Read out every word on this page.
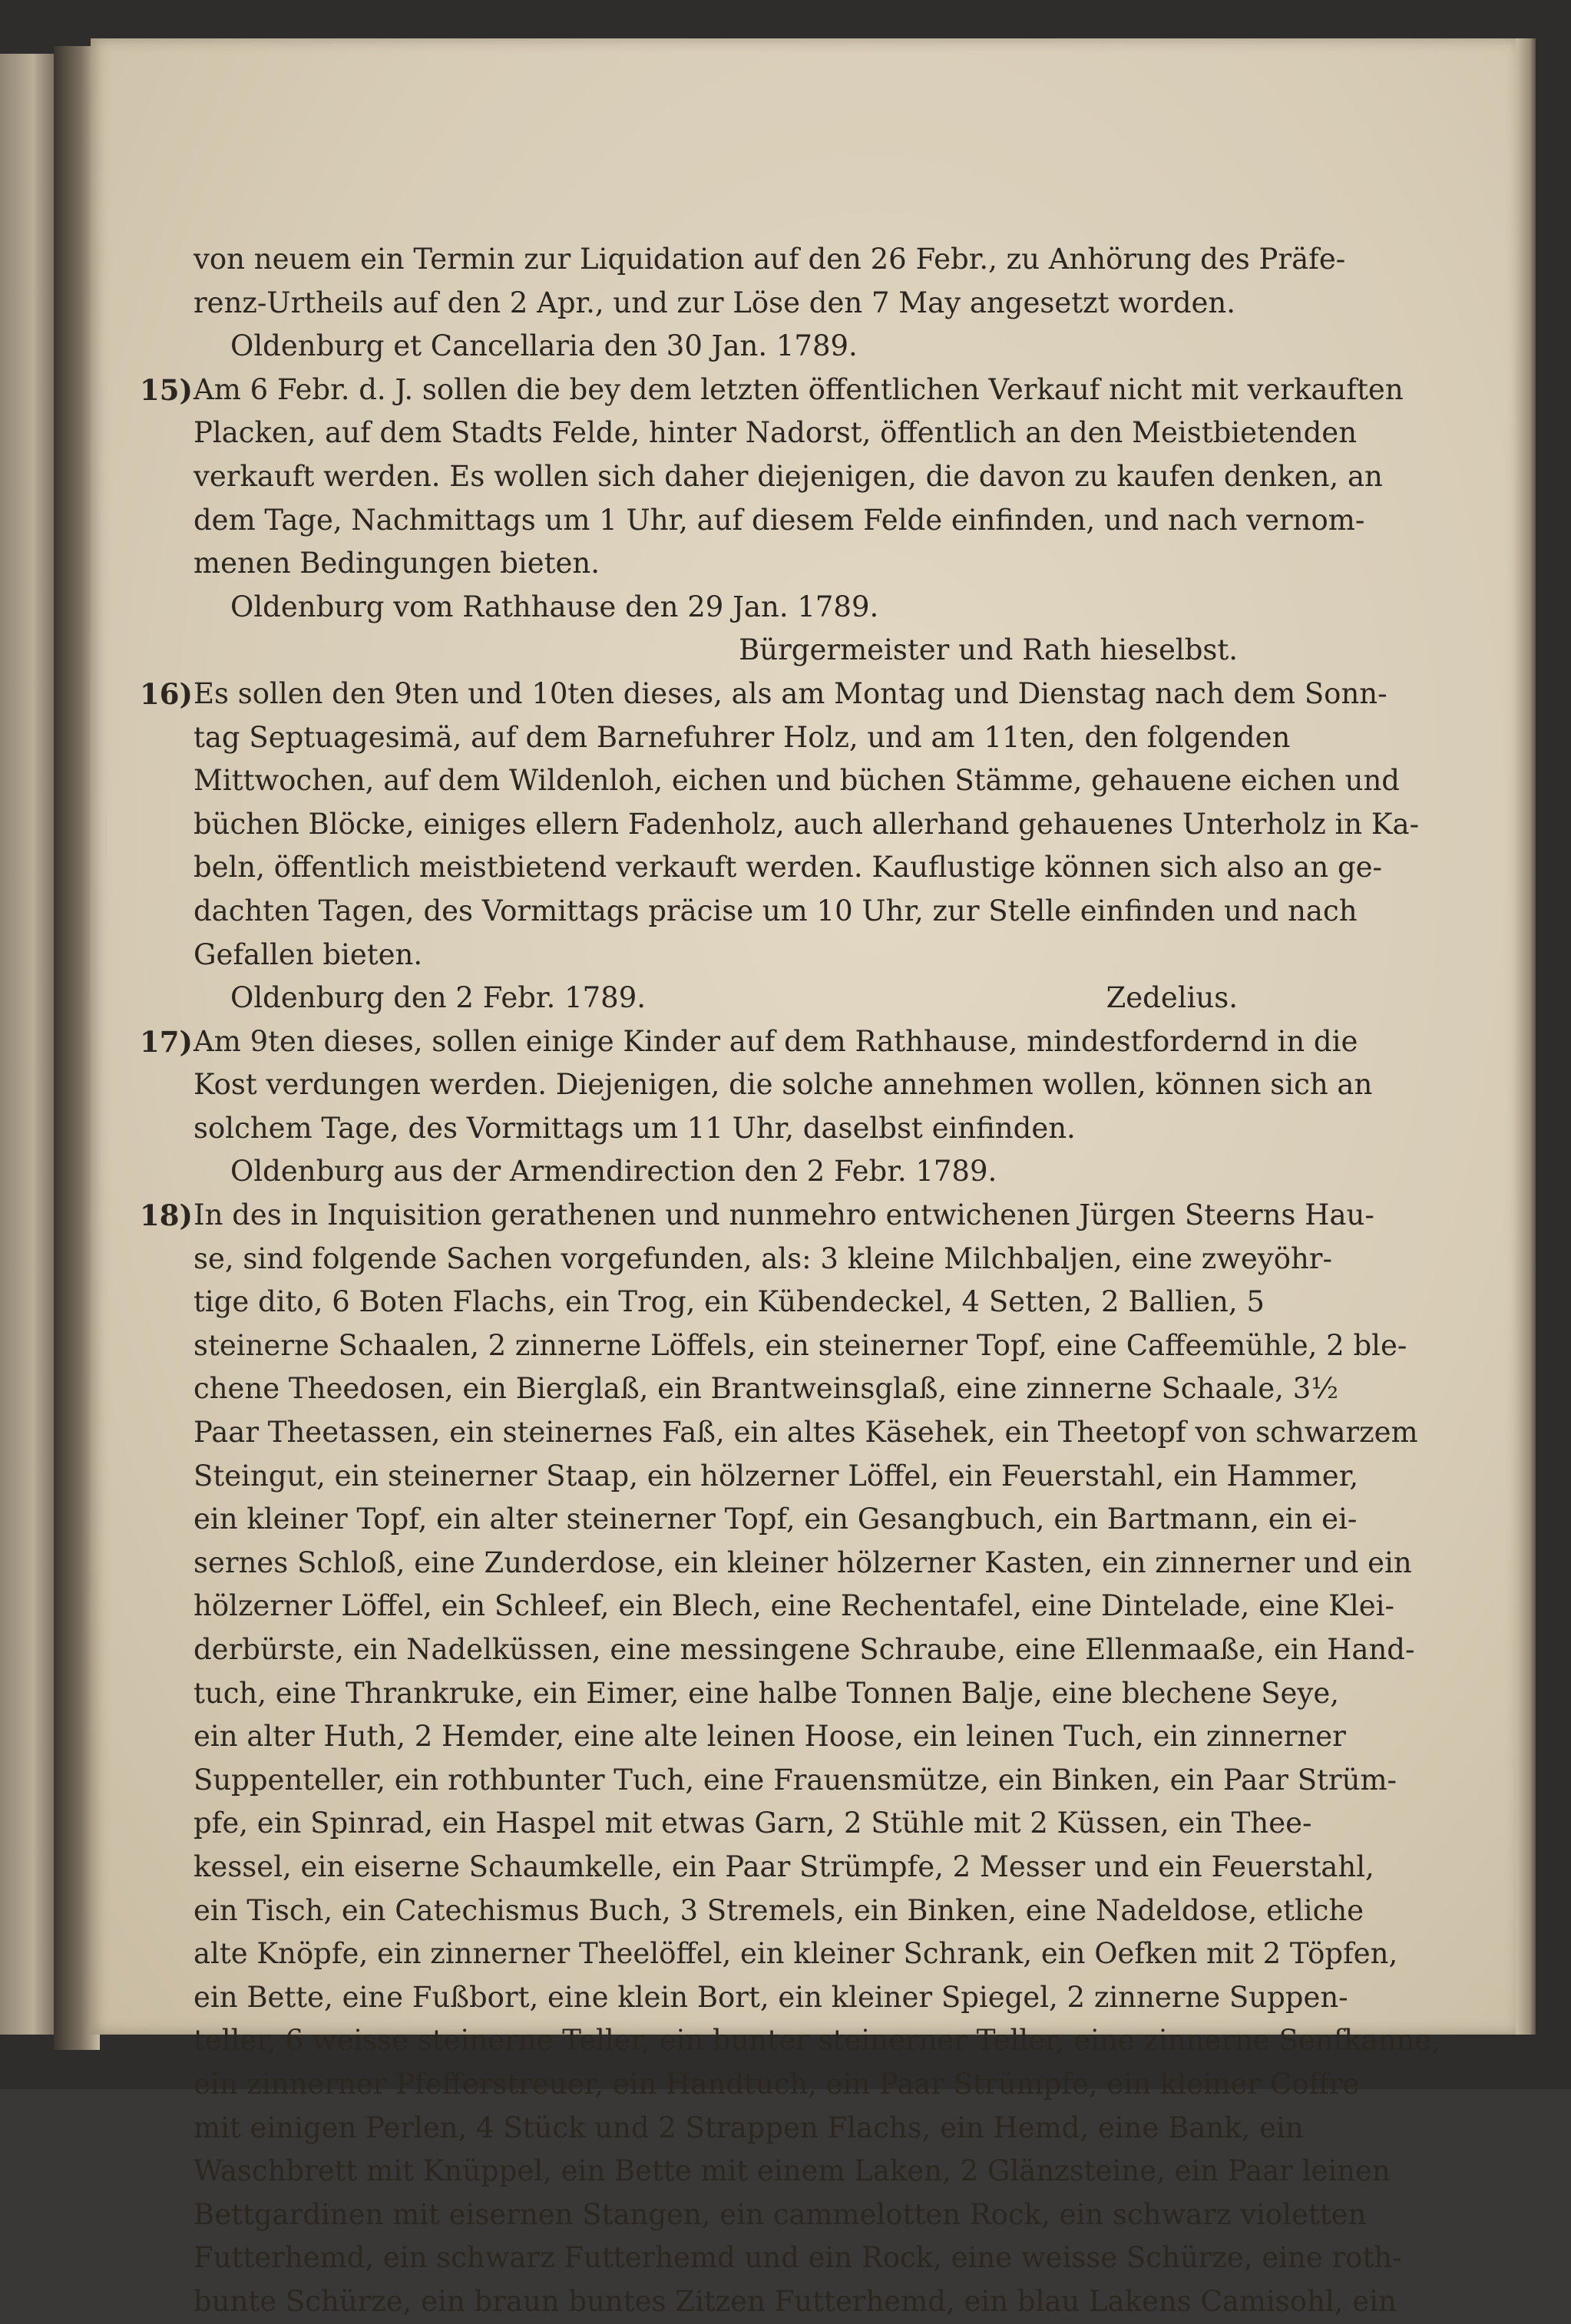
von neuem ein Termin zur Liquidation auf den 26 Febr., zu Anhörung des Präfe-
renz-Urtheils auf den 2 Apr., und zur Löse den 7 May angesetzt worden.
Oldenburg et Cancellaria den 30 Jan. 1789.
15) Am 6 Febr. d. J. sollen die bey dem letzten öffentlichen Verkauf nicht mit verkauften
Placken, auf dem Stadts Felde, hinter Nadorst, öffentlich an den Meistbietenden
verkauft werden. Es wollen sich daher diejenigen, die davon zu kaufen denken, an
dem Tage, Nachmittags um 1 Uhr, auf diesem Felde einfinden, und nach vernom-
menen Bedingungen bieten.
Oldenburg vom Rathhause den 29 Jan. 1789.
Bürgermeister und Rath hieselbst.
16) Es sollen den 9ten und 10ten dieses, als am Montag und Dienstag nach dem Sonn-
tag Septuagesimä, auf dem Barnefuhrer Holz, und am 11ten, den folgenden
Mittwochen, auf dem Wildenloh, eichen und büchen Stämme, gehauene eichen und
büchen Blöcke, einiges ellern Fadenholz, auch allerhand gehauenes Unterholz in Ka-
beln, öffentlich meistbietend verkauft werden. Kauflustige können sich also an ge-
dachten Tagen, des Vormittags präcise um 10 Uhr, zur Stelle einfinden und nach
Gefallen bieten.
Oldenburg den 2 Febr. 1789.	Zedelius.
17) Am 9ten dieses, sollen einige Kinder auf dem Rathhause, mindestfordernd in die
Kost verdungen werden. Diejenigen, die solche annehmen wollen, können sich an
solchem Tage, des Vormittags um 11 Uhr, daselbst einfinden.
Oldenburg aus der Armendirection den 2 Febr. 1789.
18) In des in Inquisition gerathenen und nunmehro entwichenen Jürgen Steerns Hau-
se, sind folgende Sachen vorgefunden, als: 3 kleine Milchbaljen, eine zweyöhr-
tige dito, 6 Boten Flachs, ein Trog, ein Kübendeckel, 4 Setten, 2 Ballien, 5
steinerne Schaalen, 2 zinnerne Löffels, ein steinerner Topf, eine Caffeemühle, 2 ble-
chene Theedosen, ein Bierglaß, ein Brantweinsglaß, eine zinnerne Schaale, 3½
Paar Theetassen, ein steinernes Faß, ein altes Käsehek, ein Theetopf von schwarzem
Steingut, ein steinerner Staap, ein hölzerner Löffel, ein Feuerstahl, ein Hammer,
ein kleiner Topf, ein alter steinerner Topf, ein Gesangbuch, ein Bartmann, ein ei-
sernes Schloß, eine Zunderdose, ein kleiner hölzerner Kasten, ein zinnerner und ein
hölzerner Löffel, ein Schleef, ein Blech, eine Rechentafel, eine Dintelade, eine Klei-
derbürste, ein Nadelküssen, eine messingene Schraube, eine Ellenmaaße, ein Hand-
tuch, eine Thrankruke, ein Eimer, eine halbe Tonnen Balje, eine blechene Seye,
ein alter Huth, 2 Hemder, eine alte leinen Hoose, ein leinen Tuch, ein zinnerner
Suppenteller, ein rothbunter Tuch, eine Frauensmütze, ein Binken, ein Paar Strüm-
pfe, ein Spinrad, ein Haspel mit etwas Garn, 2 Stühle mit 2 Küssen, ein Thee-
kessel, ein eiserne Schaumkelle, ein Paar Strümpfe, 2 Messer und ein Feuerstahl,
ein Tisch, ein Catechismus Buch, 3 Stremels, ein Binken, eine Nadeldose, etliche
alte Knöpfe, ein zinnerner Theelöffel, ein kleiner Schrank, ein Oefken mit 2 Töpfen,
ein Bette, eine Fußbort, eine klein Bort, ein kleiner Spiegel, 2 zinnerne Suppen-
teller, 6 weisse steinerne Teller, ein bunter steinerner Teller, eine zinnerne Senfkanne,
ein zinnerner Pfefferstreuer, ein Handtuch, ein Paar Strümpfe, ein kleiner Coffre
mit einigen Perlen, 4 Stück und 2 Strappen Flachs, ein Hemd, eine Bank, ein
Waschbrett mit Knüppel, ein Bette mit einem Laken, 2 Glänzsteine, ein Paar leinen
Bettgardinen mit eisernen Stangen, ein cammelotten Rock, ein schwarz violetten
Futterhemd, ein schwarz Futterhemd und ein Rock, eine weisse Schürze, eine roth-
bunte Schürze, ein braun buntes Zitzen Futterhemd, ein blau Lakens Camisohl, ein
